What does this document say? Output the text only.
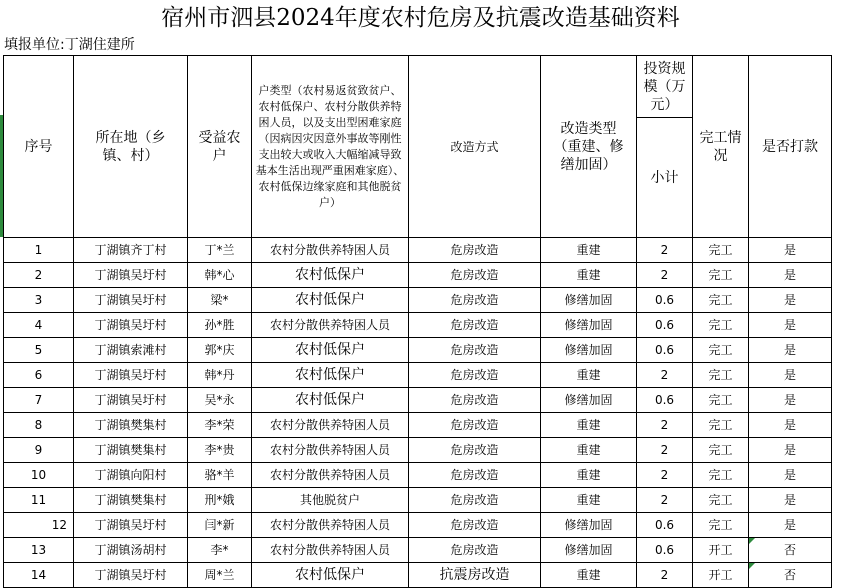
宿州市泗县2024年度农村危房及抗震改造基础资料
填报单位:丁湖住建所
序号	所在地（乡镇、村）	受益农户	户类型（农村易返贫致贫户、农村低保户、农村分散供养特困人员，以及支出型困难家庭（因病因灾因意外事故等刚性支出较大或收入大幅缩减导致基本生活出现严重困难家庭）、农村低保边缘家庭和其他脱贫户）	改造方式	改造类型（重建、修缮加固）	投资规模（万元）	完工情况	是否打款
						小计		
1	丁湖镇齐丁村	丁*兰	农村分散供养特困人员	危房改造	重建	2	完工	是
2	丁湖镇吴圩村	韩*心	农村低保户	危房改造	重建	2	完工	是
3	丁湖镇吴圩村	梁*	农村低保户	危房改造	修缮加固	0.6	完工	是
4	丁湖镇吴圩村	孙*胜	农村分散供养特困人员	危房改造	修缮加固	0.6	完工	是
5	丁湖镇索滩村	郭*庆	农村低保户	危房改造	修缮加固	0.6	完工	是
6	丁湖镇吴圩村	韩*丹	农村低保户	危房改造	重建	2	完工	是
7	丁湖镇吴圩村	吴*永	农村低保户	危房改造	修缮加固	0.6	完工	是
8	丁湖镇樊集村	李*荣	农村分散供养特困人员	危房改造	重建	2	完工	是
9	丁湖镇樊集村	李*贵	农村分散供养特困人员	危房改造	重建	2	完工	是
10	丁湖镇向阳村	骆*羊	农村分散供养特困人员	危房改造	重建	2	完工	是
11	丁湖镇樊集村	刑*娥	其他脱贫户	危房改造	重建	2	完工	是
12	丁湖镇吴圩村	闫*新	农村分散供养特困人员	危房改造	修缮加固	0.6	完工	是
13	丁湖镇汤胡村	李*	农村分散供养特困人员	危房改造	修缮加固	0.6	开工	否
14	丁湖镇吴圩村	周*兰	农村低保户	抗震房改造	重建	2	开工	否
